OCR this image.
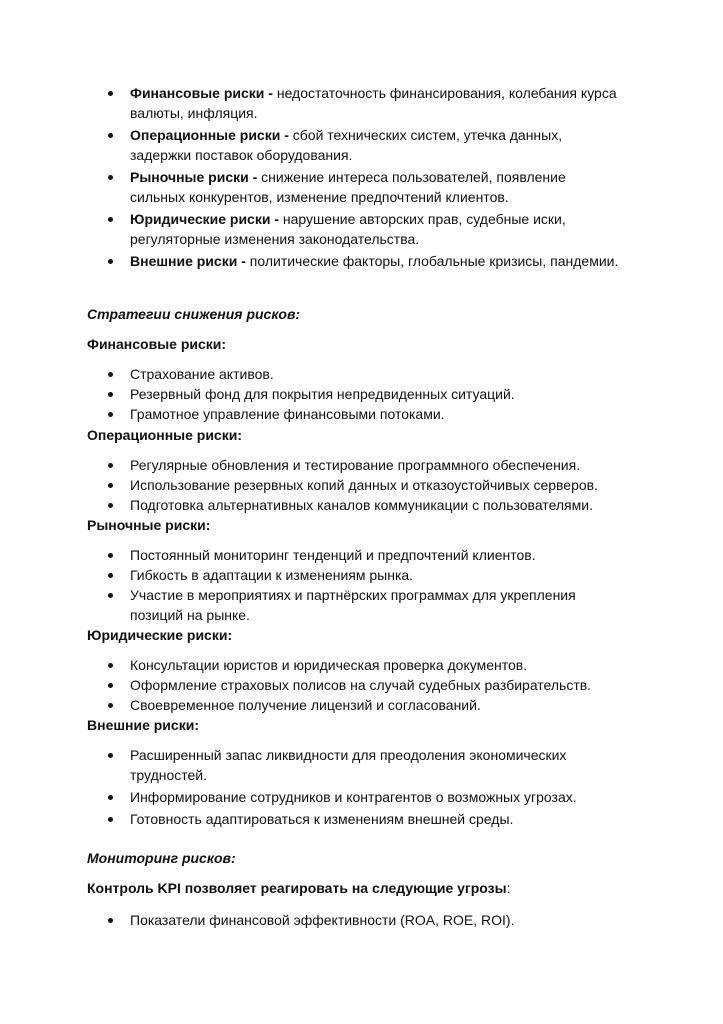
Финансовые риски - недостаточность финансирования, колебания курса валюты, инфляция.
Операционные риски - сбой технических систем, утечка данных, задержки поставок оборудования.
Рыночные риски - снижение интереса пользователей, появление сильных конкурентов, изменение предпочтений клиентов.
Юридические риски - нарушение авторских прав, судебные иски, регуляторные изменения законодательства.
Внешние риски - политические факторы, глобальные кризисы, пандемии.
Стратегии снижения рисков:
Финансовые риски:
Страхование активов.
Резервный фонд для покрытия непредвиденных ситуаций.
Грамотное управление финансовыми потоками.
Операционные риски:
Регулярные обновления и тестирование программного обеспечения.
Использование резервных копий данных и отказоустойчивых серверов.
Подготовка альтернативных каналов коммуникации с пользователями.
Рыночные риски:
Постоянный мониторинг тенденций и предпочтений клиентов.
Гибкость в адаптации к изменениям рынка.
Участие в мероприятиях и партнёрских программах для укрепления позиций на рынке.
Юридические риски:
Консультации юристов и юридическая проверка документов.
Оформление страховых полисов на случай судебных разбирательств.
Своевременное получение лицензий и согласований.
Внешние риски:
Расширенный запас ликвидности для преодоления экономических трудностей.
Информирование сотрудников и контрагентов о возможных угрозах.
Готовность адаптироваться к изменениям внешней среды.
Мониторинг рисков:
Контроль KPI позволяет реагировать на следующие угрозы:
Показатели финансовой эффективности (ROA, ROE, ROI).
